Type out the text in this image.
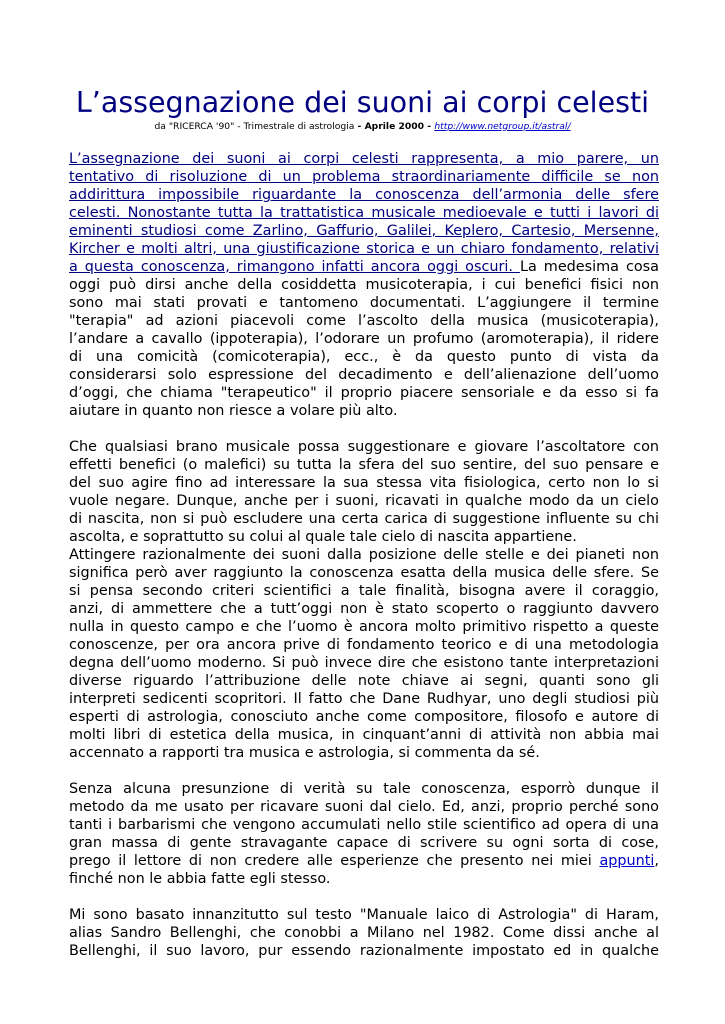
L’assegnazione dei suoni ai corpi celesti
da "RICERCA '90" - Trimestrale di astrologia - Aprile 2000 - http://www.netgroup.it/astral/

L’assegnazione dei suoni ai corpi celesti rappresenta, a mio parere, un
tentativo di risoluzione di un problema straordinariamente difficile se non
addirittura impossibile riguardante la conoscenza dell’armonia delle sfere
celesti. Nonostante tutta la trattatistica musicale medioevale e tutti i lavori di
eminenti studiosi come Zarlino, Gaffurio, Galilei, Keplero, Cartesio, Mersenne,
Kircher e molti altri, una giustificazione storica e un chiaro fondamento, relativi
a questa conoscenza, rimangono infatti ancora oggi oscuri. La medesima cosa
oggi può dirsi anche della cosiddetta musicoterapia, i cui benefici fisici non
sono mai stati provati e tantomeno documentati. L’aggiungere il termine
"terapia" ad azioni piacevoli come l’ascolto della musica (musicoterapia),
l’andare a cavallo (ippoterapia), l’odorare un profumo (aromoterapia), il ridere
di una comicità (comicoterapia), ecc., è da questo punto di vista da
considerarsi solo espressione del decadimento e dell’alienazione dell’uomo
d’oggi, che chiama "terapeutico" il proprio piacere sensoriale e da esso si fa
aiutare in quanto non riesce a volare più alto.

Che qualsiasi brano musicale possa suggestionare e giovare l’ascoltatore con
effetti benefici (o malefici) su tutta la sfera del suo sentire, del suo pensare e
del suo agire fino ad interessare la sua stessa vita fisiologica, certo non lo si
vuole negare. Dunque, anche per i suoni, ricavati in qualche modo da un cielo
di nascita, non si può escludere una certa carica di suggestione influente su chi
ascolta, e soprattutto su colui al quale tale cielo di nascita appartiene.
Attingere razionalmente dei suoni dalla posizione delle stelle e dei pianeti non
significa però aver raggiunto la conoscenza esatta della musica delle sfere. Se
si pensa secondo criteri scientifici a tale finalità, bisogna avere il coraggio,
anzi, di ammettere che a tutt’oggi non è stato scoperto o raggiunto davvero
nulla in questo campo e che l’uomo è ancora molto primitivo rispetto a queste
conoscenze, per ora ancora prive di fondamento teorico e di una metodologia
degna dell’uomo moderno. Si può invece dire che esistono tante interpretazioni
diverse riguardo l’attribuzione delle note chiave ai segni, quanti sono gli
interpreti sedicenti scopritori. Il fatto che Dane Rudhyar, uno degli studiosi più
esperti di astrologia, conosciuto anche come compositore, filosofo e autore di
molti libri di estetica della musica, in cinquant’anni di attività non abbia mai
accennato a rapporti tra musica e astrologia, si commenta da sé.

Senza alcuna presunzione di verità su tale conoscenza, esporrò dunque il
metodo da me usato per ricavare suoni dal cielo. Ed, anzi, proprio perché sono
tanti i barbarismi che vengono accumulati nello stile scientifico ad opera di una
gran massa di gente stravagante capace di scrivere su ogni sorta di cose,
prego il lettore di non credere alle esperienze che presento nei miei appunti,
finché non le abbia fatte egli stesso.

Mi sono basato innanzitutto sul testo "Manuale laico di Astrologia" di Haram,
alias Sandro Bellenghi, che conobbi a Milano nel 1982. Come dissi anche al
Bellenghi, il suo lavoro, pur essendo razionalmente impostato ed in qualche
